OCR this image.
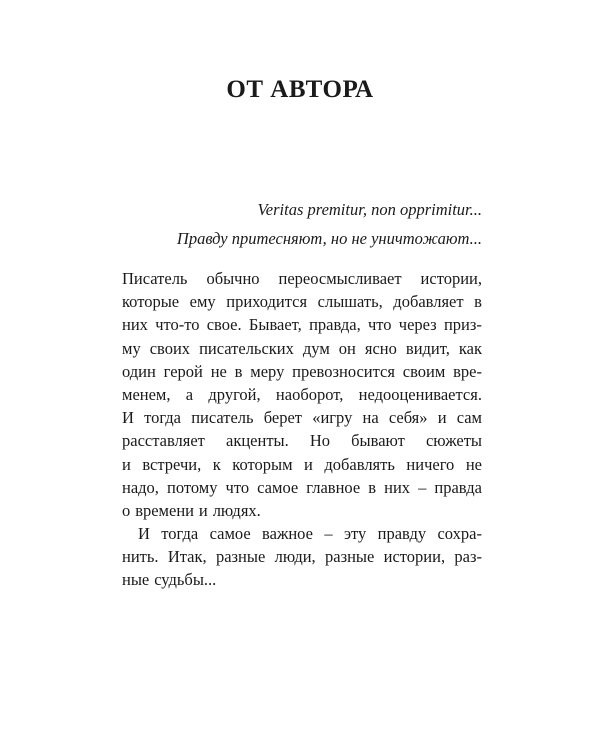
ОТ АВТОРА
Veritas premitur, non opprimitur...
Правду притесняют, но не уничтожают...
Писатель обычно переосмысливает истории,
которые ему приходится слышать, добавляет в
них что-то свое. Бывает, правда, что через приз-
му своих писательских дум он ясно видит, как
один герой не в меру превозносится своим вре-
менем, а другой, наоборот, недооценивается.
И тогда писатель берет «игру на себя» и сам
расставляет акценты. Но бывают сюжеты
и встречи, к которым и добавлять ничего не
надо, потому что самое главное в них – правда
о времени и людях.
И тогда самое важное – эту правду сохра-
нить. Итак, разные люди, разные истории, раз-
ные судьбы...
